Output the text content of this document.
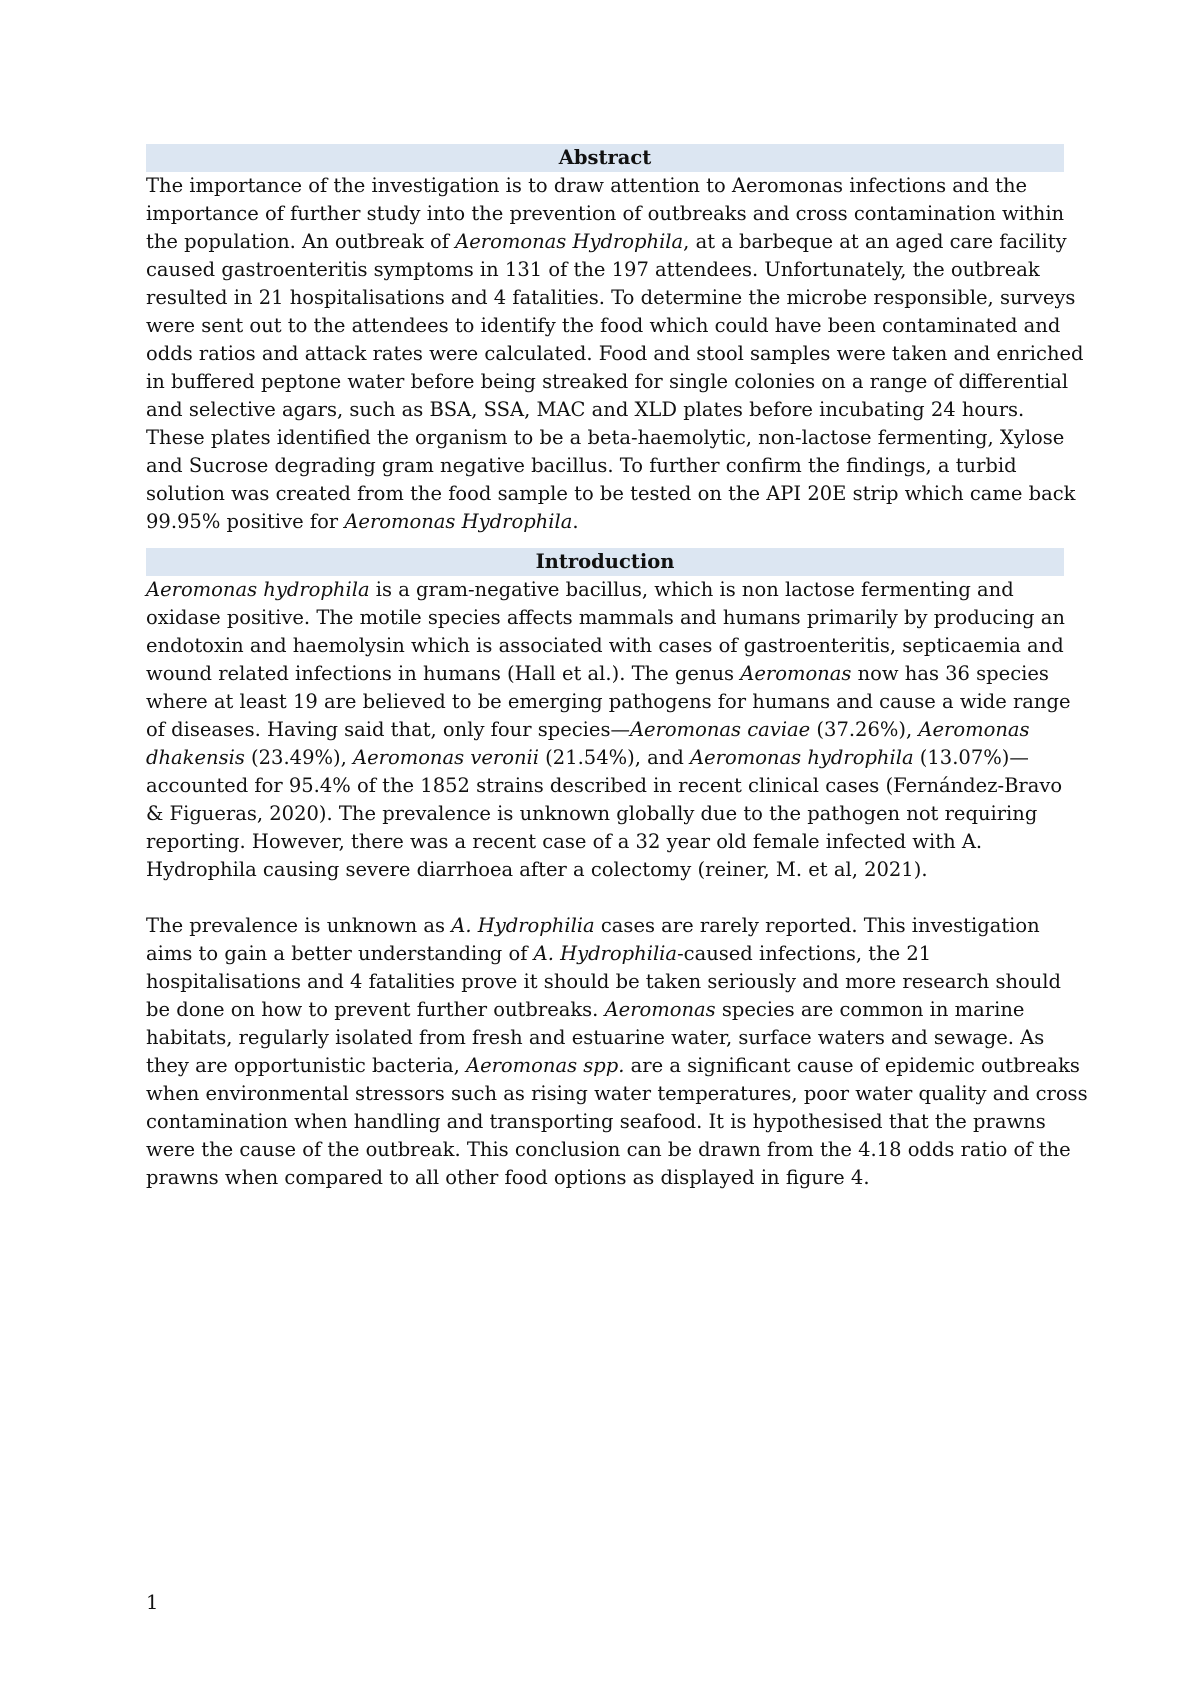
Abstract
The importance of the investigation is to draw attention to Aeromonas infections and the
importance of further study into the prevention of outbreaks and cross contamination within
the population. An outbreak of Aeromonas Hydrophila, at a barbeque at an aged care facility
caused gastroenteritis symptoms in 131 of the 197 attendees. Unfortunately, the outbreak
resulted in 21 hospitalisations and 4 fatalities. To determine the microbe responsible, surveys
were sent out to the attendees to identify the food which could have been contaminated and
odds ratios and attack rates were calculated. Food and stool samples were taken and enriched
in buffered peptone water before being streaked for single colonies on a range of differential
and selective agars, such as BSA, SSA, MAC and XLD plates before incubating 24 hours.
These plates identified the organism to be a beta-haemolytic, non-lactose fermenting, Xylose
and Sucrose degrading gram negative bacillus. To further confirm the findings, a turbid
solution was created from the food sample to be tested on the API 20E strip which came back
99.95% positive for Aeromonas Hydrophila.
Introduction
Aeromonas hydrophila is a gram-negative bacillus, which is non lactose fermenting and
oxidase positive. The motile species affects mammals and humans primarily by producing an
endotoxin and haemolysin which is associated with cases of gastroenteritis, septicaemia and
wound related infections in humans (Hall et al.). The genus Aeromonas now has 36 species
where at least 19 are believed to be emerging pathogens for humans and cause a wide range
of diseases. Having said that, only four species—Aeromonas caviae (37.26%), Aeromonas
dhakensis (23.49%), Aeromonas veronii (21.54%), and Aeromonas hydrophila (13.07%)—
accounted for 95.4% of the 1852 strains described in recent clinical cases (Fernández-Bravo
& Figueras, 2020). The prevalence is unknown globally due to the pathogen not requiring
reporting. However, there was a recent case of a 32 year old female infected with A.
Hydrophila causing severe diarrhoea after a colectomy (reiner, M. et al, 2021).
The prevalence is unknown as A. Hydrophilia cases are rarely reported. This investigation
aims to gain a better understanding of A. Hydrophilia-caused infections, the 21
hospitalisations and 4 fatalities prove it should be taken seriously and more research should
be done on how to prevent further outbreaks. Aeromonas species are common in marine
habitats, regularly isolated from fresh and estuarine water, surface waters and sewage. As
they are opportunistic bacteria, Aeromonas spp. are a significant cause of epidemic outbreaks
when environmental stressors such as rising water temperatures, poor water quality and cross
contamination when handling and transporting seafood. It is hypothesised that the prawns
were the cause of the outbreak. This conclusion can be drawn from the 4.18 odds ratio of the
prawns when compared to all other food options as displayed in figure 4.
1
